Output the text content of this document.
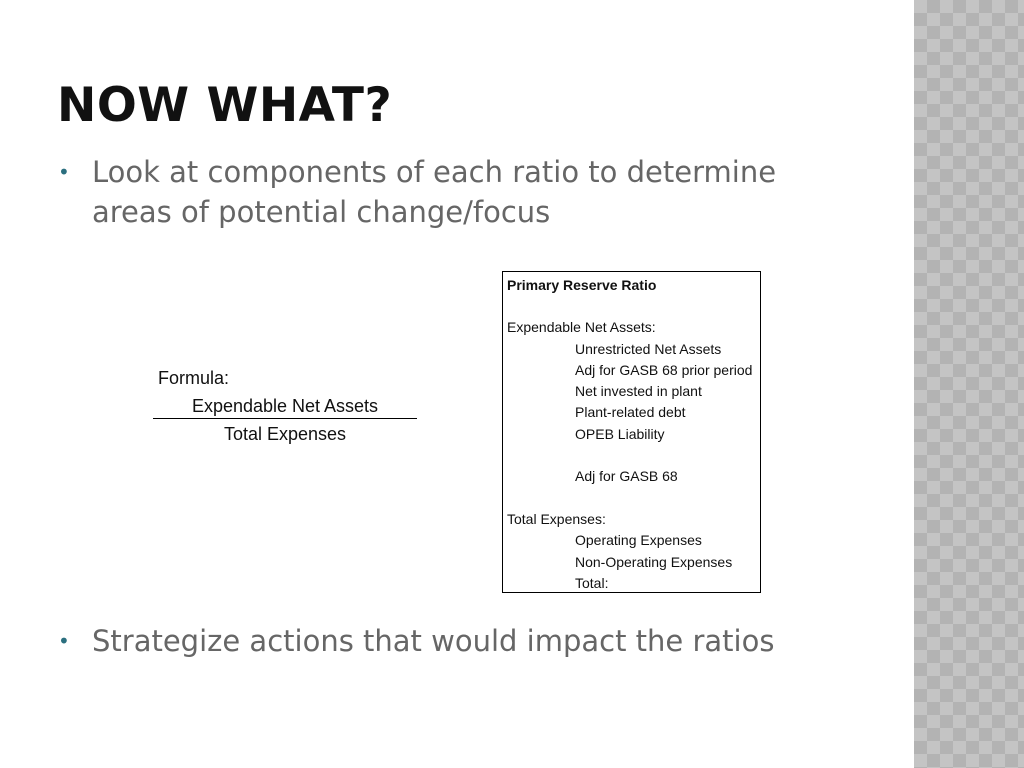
NOW WHAT?
• Look at components of each ratio to determine areas of potential change/focus
Formula:
Expendable Net Assets
Total Expenses
Primary Reserve Ratio
Expendable Net Assets:
Unrestricted Net Assets
Adj for GASB 68 prior period
Net invested in plant
Plant-related debt
OPEB Liability
Adj for GASB 68
Total Expenses:
Operating Expenses
Non-Operating Expenses
Total:
• Strategize actions that would impact the ratios
